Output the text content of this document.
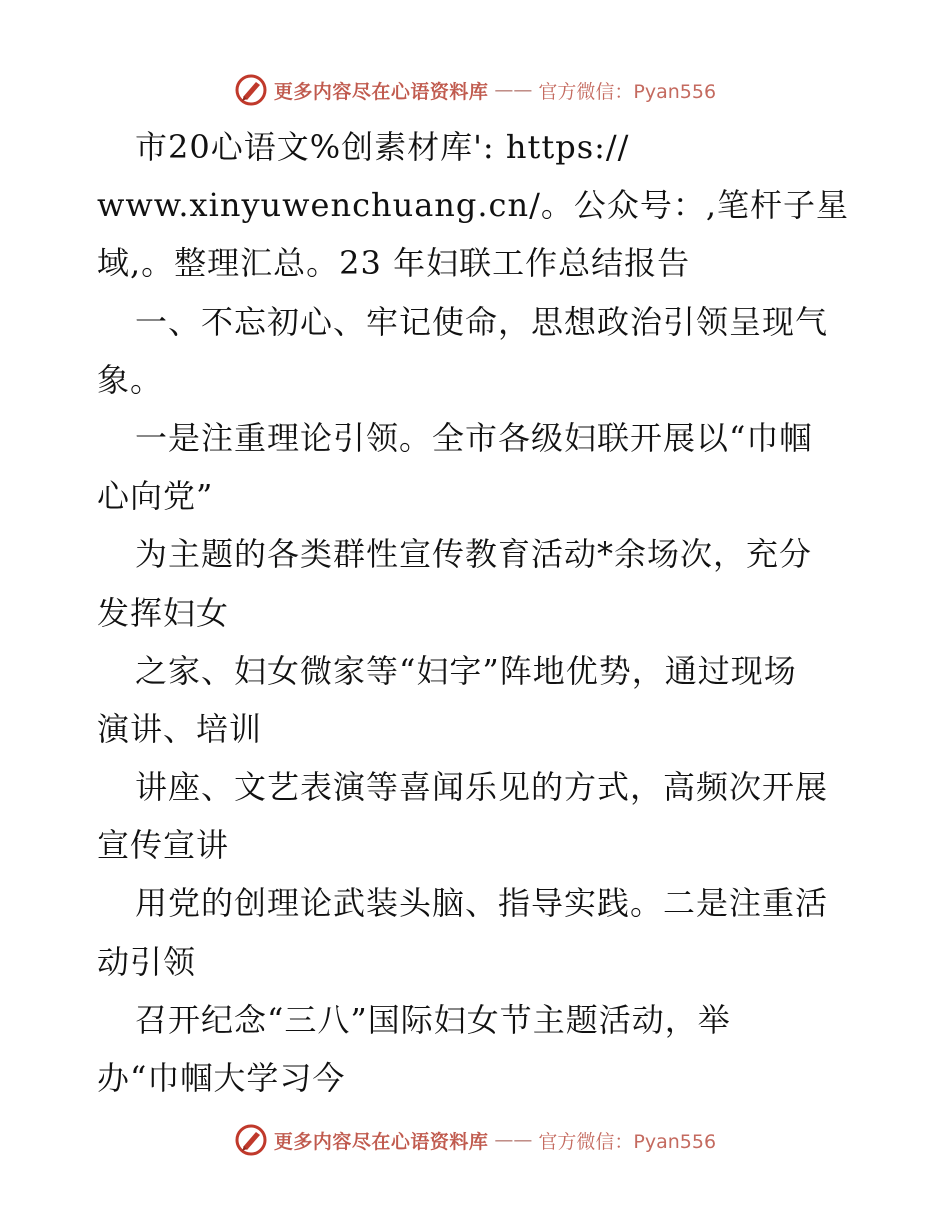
更多内容尽在心语资料库 —— 官方微信：Pyan556
市20心语文%创素材库': https://
www.xinyuwenchuang.cn/。公众号：,笔杆子星
域,。整理汇总。23 年妇联工作总结报告
一、不忘初心、牢记使命，思想政治引领呈现气
象。
一是注重理论引领。全市各级妇联开展以“巾帼
心向党”
为主题的各类群性宣传教育活动*余场次，充分
发挥妇女
之家、妇女微家等“妇字”阵地优势，通过现场
演讲、培训
讲座、文艺表演等喜闻乐见的方式，高频次开展
宣传宣讲
用党的创理论武装头脑、指导实践。二是注重活
动引领
召开纪念“三八”国际妇女节主题活动，举
办“巾帼大学习今
更多内容尽在心语资料库 —— 官方微信：Pyan556
